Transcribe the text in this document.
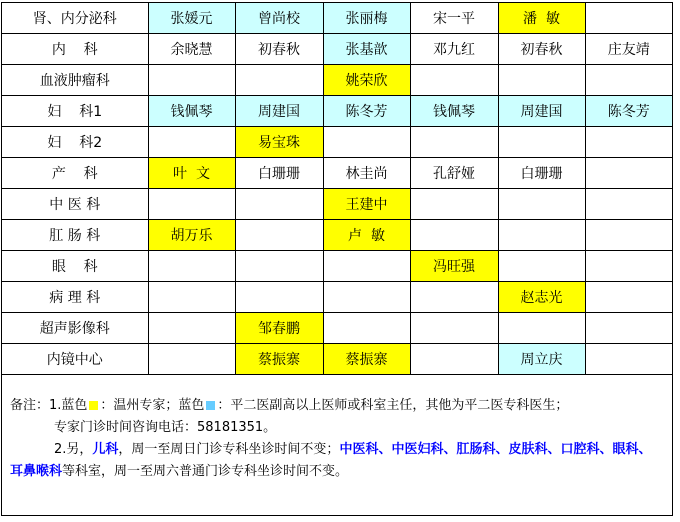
肾、内分泌科	张媛元	曾尚校	张丽梅	宋一平	潘  敏	
内    科	余晓慧	初春秋	张基歆	邓九红	初春秋	庄友靖
血液肿瘤科			姚荣欣			
妇    科1	钱佩琴	周建国	陈冬芳	钱佩琴	周建国	陈冬芳
妇    科2		易宝珠				
产    科	叶  文	白珊珊	林圭尚	孔舒娅	白珊珊	
中 医 科			王建中			
肛 肠 科	胡万乐		卢  敏			
眼    科				冯旺强		
病 理 科					赵志光	
超声影像科		邹春鹏				
内镜中心		蔡振寨	蔡振寨		周立庆	
备注：1.蓝色 ：温州专家；蓝色 ：平二医副高以上医师或科室主任，其他为平二医专科医生；
专家门诊时间咨询电话：58181351。
2.另，儿科，周一至周日门诊专科坐诊时间不变；中医科、中医妇科、肛肠科、皮肤科、口腔科、眼科、
耳鼻喉科等科室，周一至周六普通门诊专科坐诊时间不变。
